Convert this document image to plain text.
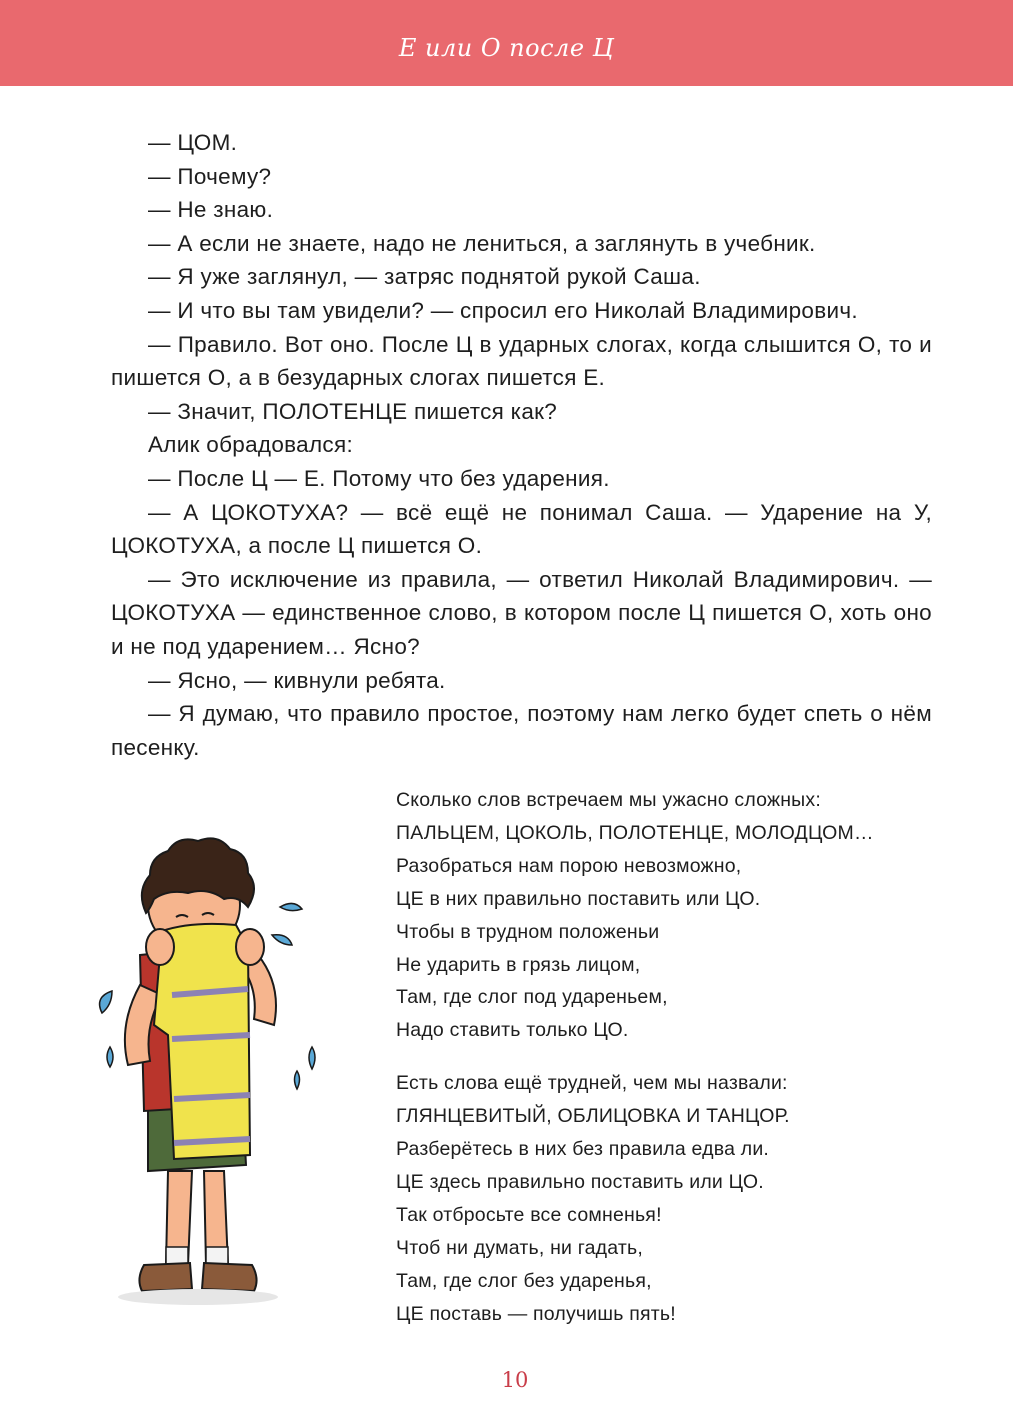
Е или О после Ц

— ЦОМ.

— Почему?

— Не знаю.

— А если не знаете, надо не лениться, а заглянуть в учебник.

— Я уже заглянул, — затряс поднятой рукой Саша.

— И что вы там увидели? — спросил его Николай Владимирович.

— Правило. Вот оно. После Ц в ударных слогах, когда слышится О, то и пишется О, а в безударных слогах пишется Е.

— Значит, ПОЛОТЕНЦЕ пишется как?

Алик обрадовался:

— После Ц — Е. Потому что без ударения.

— А ЦОКОТУХА? — всё ещё не понимал Саша. — Ударение на У, ЦОКОТУХА, а после Ц пишется О.

— Это исключение из правила, — ответил Николай Владимирович. — ЦОКОТУХА — единственное слово, в котором после Ц пишется О, хоть оно и не под ударением… Ясно?

— Ясно, — кивнули ребята.

— Я думаю, что правило простое, поэтому нам легко будет спеть о нём песенку.

Сколько слов встречаем мы ужасно сложных:
ПАЛЬЦЕМ, ЦОКОЛЬ, ПОЛОТЕНЦЕ, МОЛОДЦОМ…
Разобраться нам порою невозможно,
ЦЕ в них правильно поставить или ЦО.
Чтобы в трудном положеньи
Не ударить в грязь лицом,
Там, где слог под удареньем,
Надо ставить только ЦО.
Есть слова ещё трудней, чем мы назвали:
ГЛЯНЦЕВИТЫЙ, ОБЛИЦОВКА И ТАНЦОР.
Разберётесь в них без правила едва ли.
ЦЕ здесь правильно поставить или ЦО.
Так отбросьте все сомненья!
Чтоб ни думать, ни гадать,
Там, где слог без ударенья,
ЦЕ поставь — получишь пять!
10
